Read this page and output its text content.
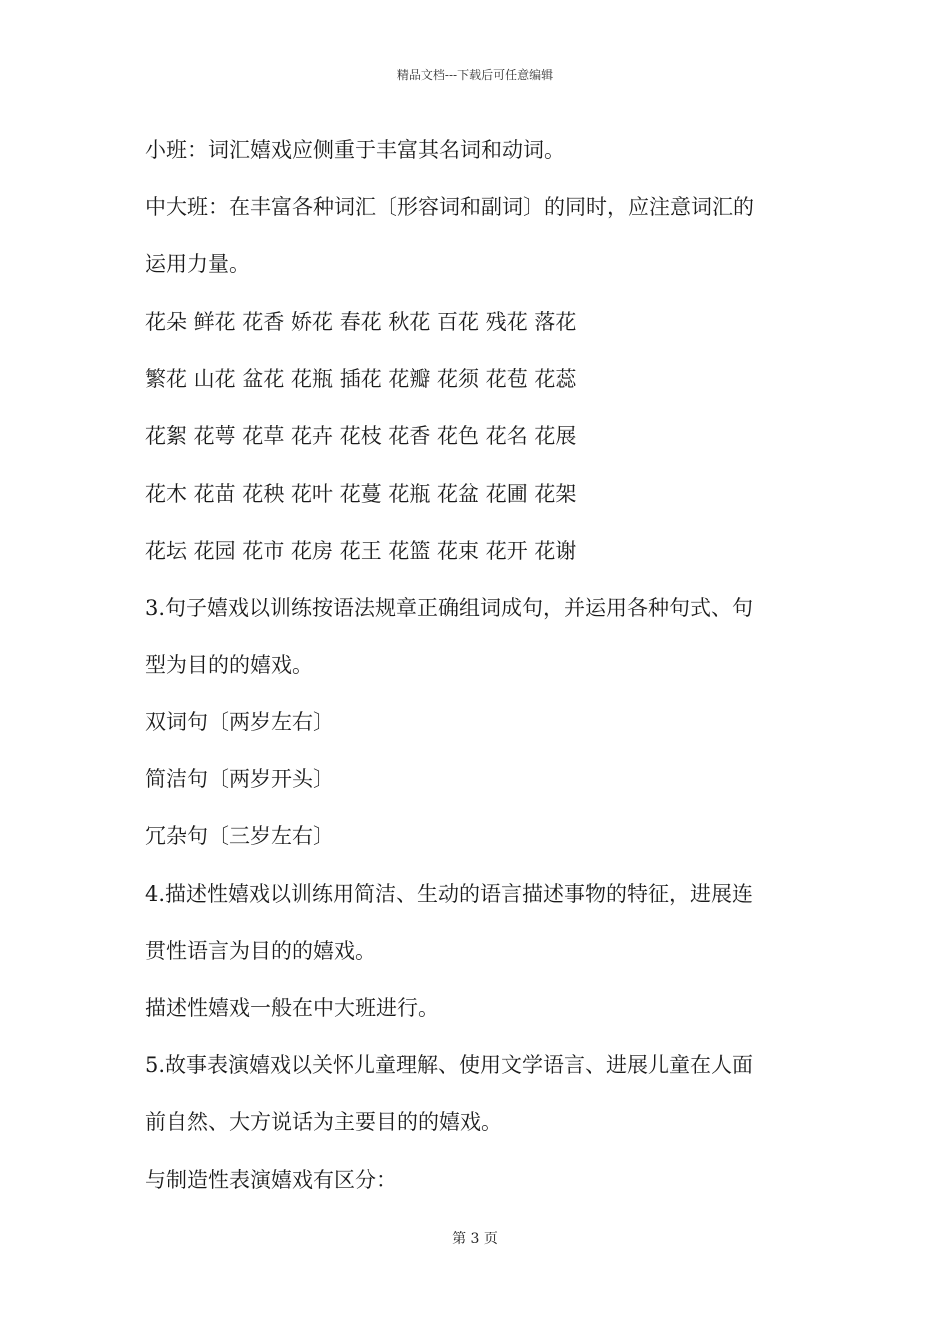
精品文档---下载后可任意编辑
小班：词汇嬉戏应侧重于丰富其名词和动词。
中大班：在丰富各种词汇〔形容词和副词〕的同时，应注意词汇的
运用力量。
花朵 鲜花 花香 娇花 春花 秋花 百花 残花 落花
繁花 山花 盆花 花瓶 插花 花瓣 花须 花苞 花蕊
花絮 花萼 花草 花卉 花枝 花香 花色 花名 花展
花木 花苗 花秧 花叶 花蔓 花瓶 花盆 花圃 花架
花坛 花园 花市 花房 花王 花篮 花束 花开 花谢
3.句子嬉戏以训练按语法规章正确组词成句，并运用各种句式、句
型为目的的嬉戏。
双词句〔两岁左右〕
简洁句〔两岁开头〕
冗杂句〔三岁左右〕
4.描述性嬉戏以训练用简洁、生动的语言描述事物的特征，进展连
贯性语言为目的的嬉戏。
描述性嬉戏一般在中大班进行。
5.故事表演嬉戏以关怀儿童理解、使用文学语言、进展儿童在人面
前自然、大方说话为主要目的的嬉戏。
与制造性表演嬉戏有区分：
第 3 页
